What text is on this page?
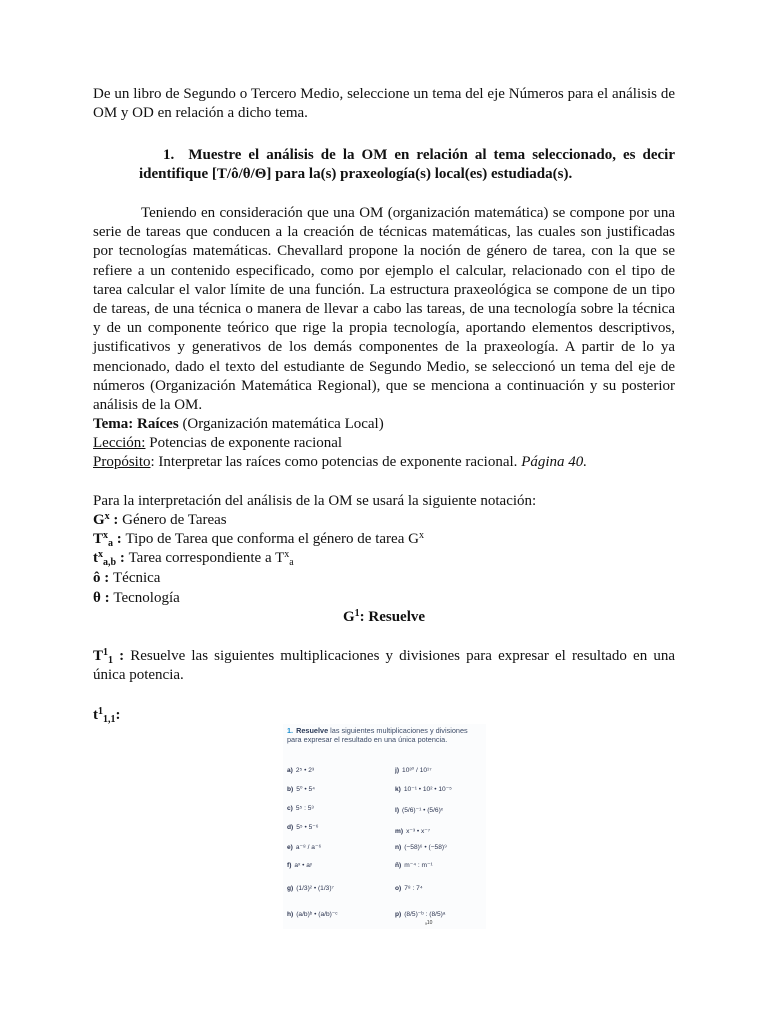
De un libro de Segundo o Tercero Medio, seleccione un tema del eje Números para el análisis de OM y OD en relación a dicho tema.

1. Muestre el análisis de la OM en relación al tema seleccionado, es decir identifique [T/ô/θ/Θ] para la(s) praxeología(s) local(es) estudiada(s).

Teniendo en consideración que una OM (organización matemática) se compone por una serie de tareas que conducen a la creación de técnicas matemáticas, las cuales son justificadas por tecnologías matemáticas. Chevallard propone la noción de género de tarea, con la que se refiere a un contenido especificado, como por ejemplo el calcular, relacionado con el tipo de tarea calcular el valor límite de una función. La estructura praxeológica se compone de un tipo de tareas, de una técnica o manera de llevar a cabo las tareas, de una tecnología sobre la técnica y de un componente teórico que rige la propia tecnología, aportando elementos descriptivos, justificativos y generativos de los demás componentes de la praxeología. A partir de lo ya mencionado, dado el texto del estudiante de Segundo Medio, se seleccionó un tema del eje de números (Organización Matemática Regional), que se menciona a continuación y su posterior análisis de la OM.

Tema: Raíces (Organización matemática Local)

Lección: Potencias de exponente racional

Propósito: Interpretar las raíces como potencias de exponente racional. Página 40.

Para la interpretación del análisis de la OM se usará la siguiente notación:

$G^x$ : Género de Tareas

$T^x_a$ : Tipo de Tarea que conforma el género de tarea $G^x$

$t^x_{a,b}$ : Tarea correspondiente a $T^x_a$

ô : Técnica

θ : Tecnología

$G^1$: Resuelve

$T^1_1$ : Resuelve las siguientes multiplicaciones y divisiones para expresar el resultado en una única potencia.

$t^1_{1,1}$:

1. Resuelve las siguientes multiplicaciones y divisiones para expresar el resultado en una única potencia.
a) 2⁵ • 2³
b) 5⁰ • 5⁴
c) 5⁵ : 5³
d) 5⁵ • 5⁻⁶
e) a⁻⁸ / a⁻⁶
f) aˣ • aʸ
g) (1/3)² • (1/3)⁷
h) (a/b)ᵇ • (a/b)⁻ᶜ
j) 10³⁰ / 10¹⁷
k) 10⁻¹ • 10² • 10⁻⁵
l) (5/6)⁻¹ • (5/6)ˣ
m) x⁻³ • x⁻⁷
n) (−58)⁶ • (−58)⁹
ñ) m⁻⁴ : m⁻¹
o) 7⁸ : 7⁴
p) (8/5)⁻ᵇ : (8/5)ᵃ
ₐ10
